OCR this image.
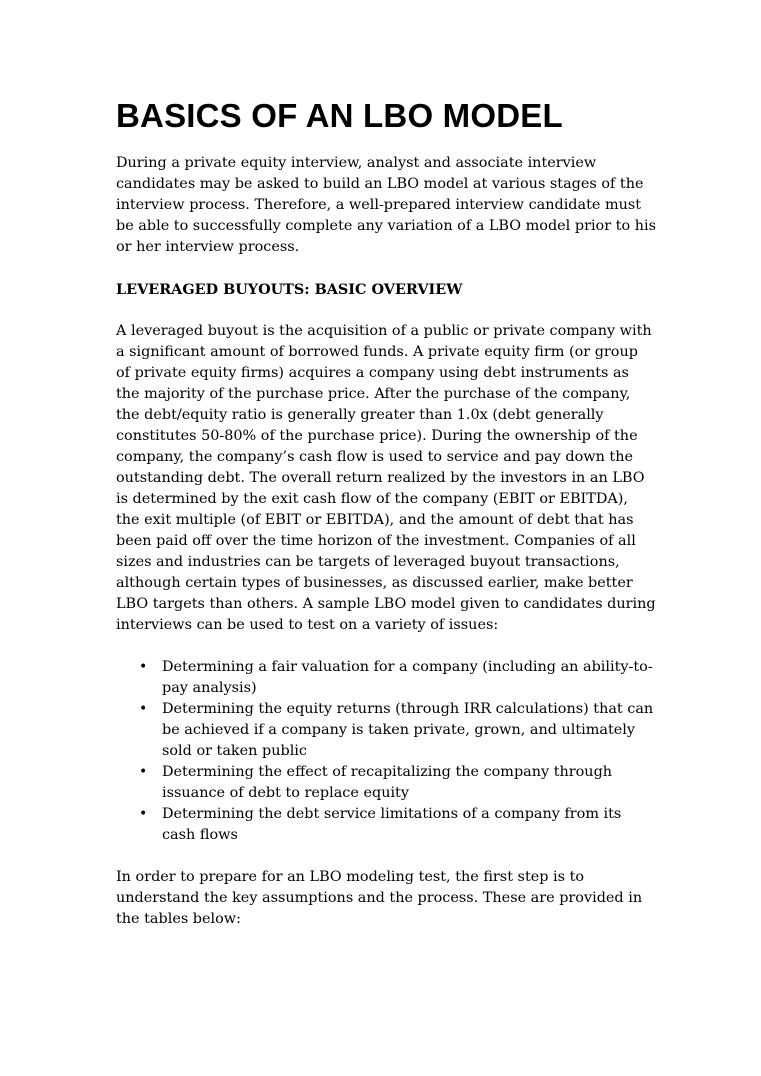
BASICS OF AN LBO MODEL

During a private equity interview, analyst and associate interview candidates may be asked to build an LBO model at various stages of the interview process. Therefore, a well-prepared interview candidate must be able to successfully complete any variation of a LBO model prior to his or her interview process.

LEVERAGED BUYOUTS: BASIC OVERVIEW

A leveraged buyout is the acquisition of a public or private company with a significant amount of borrowed funds. A private equity firm (or group of private equity firms) acquires a company using debt instruments as the majority of the purchase price. After the purchase of the company, the debt/equity ratio is generally greater than 1.0x (debt generally constitutes 50-80% of the purchase price). During the ownership of the company, the company’s cash flow is used to service and pay down the outstanding debt. The overall return realized by the investors in an LBO is determined by the exit cash flow of the company (EBIT or EBITDA), the exit multiple (of EBIT or EBITDA), and the amount of debt that has been paid off over the time horizon of the investment. Companies of all sizes and industries can be targets of leveraged buyout transactions, although certain types of businesses, as discussed earlier, make better LBO targets than others. A sample LBO model given to candidates during interviews can be used to test on a variety of issues:

• Determining a fair valuation for a company (including an ability-to-pay analysis)
• Determining the equity returns (through IRR calculations) that can be achieved if a company is taken private, grown, and ultimately sold or taken public
• Determining the effect of recapitalizing the company through issuance of debt to replace equity
• Determining the debt service limitations of a company from its cash flows

In order to prepare for an LBO modeling test, the first step is to understand the key assumptions and the process. These are provided in the tables below:
